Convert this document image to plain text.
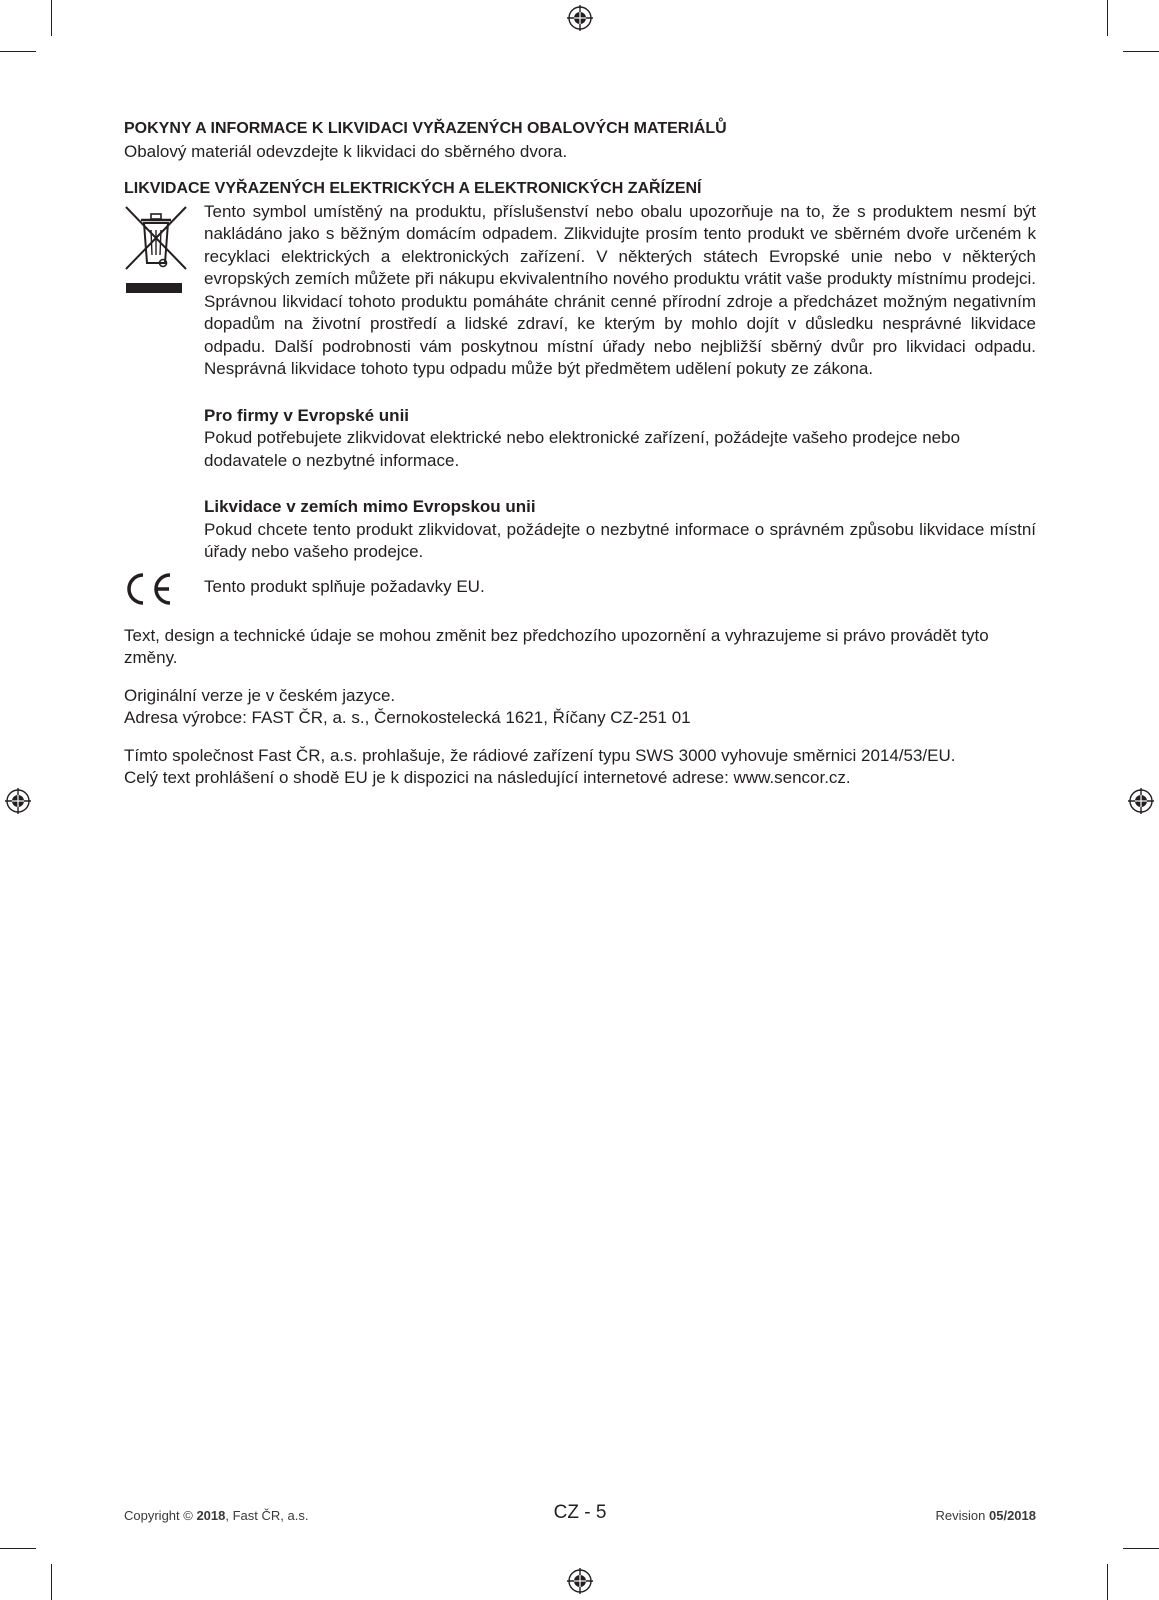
POKYNY A INFORMACE K LIKVIDACI VYŘAZENÝCH OBALOVÝCH MATERIÁLŮ

Obalový materiál odevzdejte k likvidaci do sběrného dvora.

LIKVIDACE VYŘAZENÝCH ELEKTRICKÝCH A ELEKTRONICKÝCH ZAŘÍZENÍ

Tento symbol umístěný na produktu, příslušenství nebo obalu upozorňuje na to, že s produktem nesmí být nakládáno jako s běžným domácím odpadem. Zlikvidujte prosím tento produkt ve sběrném dvoře určeném k recyklaci elektrických a elektronických zařízení. V některých státech Evropské unie nebo v některých evropských zemích můžete při nákupu ekvivalentního nového produktu vrátit vaše produkty místnímu prodejci. Správnou likvidací tohoto produktu pomáháte chránit cenné přírodní zdroje a předcházet možným negativním dopadům na životní prostředí a lidské zdraví, ke kterým by mohlo dojít v důsledku nesprávné likvidace odpadu. Další podrobnosti vám poskytnou místní úřady nebo nejbližší sběrný dvůr pro likvidaci odpadu. Nesprávná likvidace tohoto typu odpadu může být předmětem udělení pokuty ze zákona.

Pro firmy v Evropské unii

Pokud potřebujete zlikvidovat elektrické nebo elektronické zařízení, požádejte vašeho prodejce nebo dodavatele o nezbytné informace.

Likvidace v zemích mimo Evropskou unii

Pokud chcete tento produkt zlikvidovat, požádejte o nezbytné informace o správném způsobu likvidace místní úřady nebo vašeho prodejce.

Tento produkt splňuje požadavky EU.

Text, design a technické údaje se mohou změnit bez předchozího upozornění a vyhrazujeme si právo provádět tyto změny.

Originální verze je v českém jazyce.

Adresa výrobce: FAST ČR, a. s., Černokostelecká 1621, Říčany CZ-251 01

Tímto společnost Fast ČR, a.s. prohlašuje, že rádiové zařízení typu SWS 3000 vyhovuje směrnici 2014/53/EU.

Celý text prohlášení o shodě EU je k dispozici na následující internetové adrese: www.sencor.cz.

Copyright © 2018, Fast ČR, a.s.	CZ - 5	Revision 05/2018
